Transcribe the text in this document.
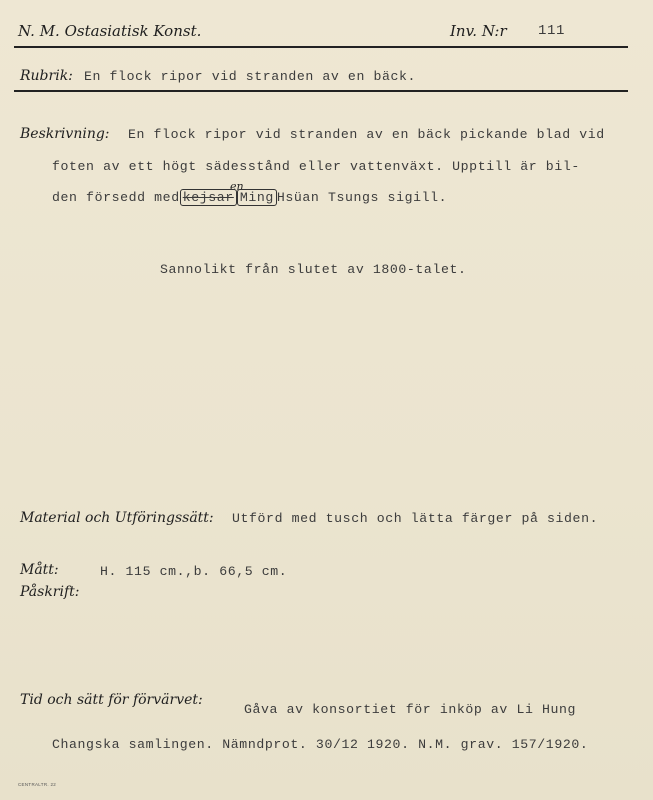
N. M. Ostasiatisk Konst.	Inv. N:r 111
Rubrik: En flock ripor vid stranden av en bäck.
Beskrivning: En flock ripor vid stranden av en bäck pickande blad vid
foten av ett högt sädesstånd eller vattenväxt. Upptill är bil-
en
den försedd med kejsar Ming Hsüan Tsungs sigill.
Sannolikt från slutet av 1800-talet.
Material och Utföringssätt: Utförd med tusch och lätta färger på siden.
Mått:	H. 115 cm.,b. 66,5 cm.
Påskrift:
Tid och sätt för förvärvet:
Gåva av konsortiet för inköp av Li Hung
Changska samlingen. Nämndprot. 30/12 1920. N.M. grav. 157/1920.
CENTRALTR. 22
